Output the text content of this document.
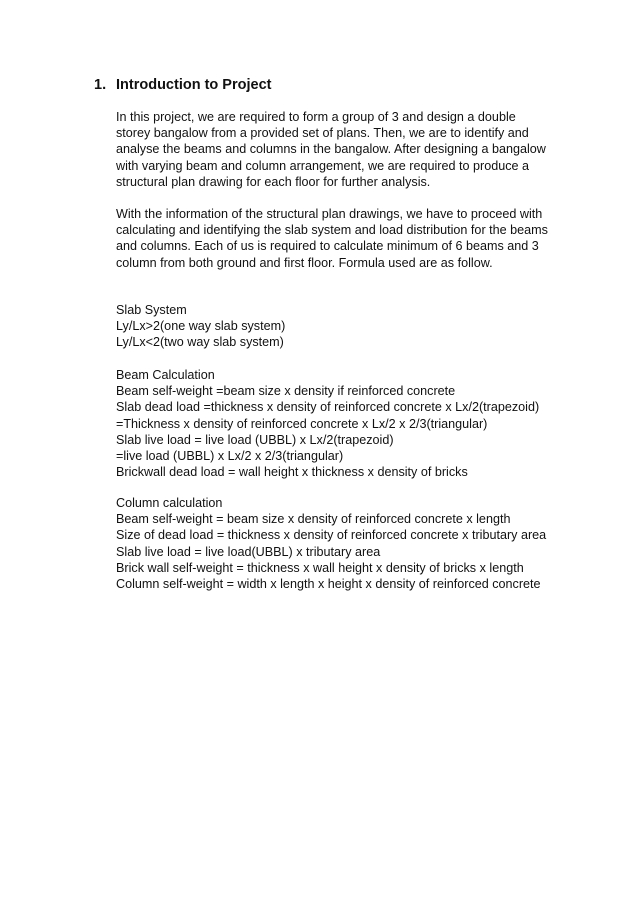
1. Introduction to Project
In this project, we are required to form a group of 3 and design a double
storey bangalow from a provided set of plans. Then, we are to identify and
analyse the beams and columns in the bangalow. After designing a bangalow
with varying beam and column arrangement, we are required to produce a
structural plan drawing for each floor for further analysis.
With the information of the structural plan drawings, we have to proceed with
calculating and identifying the slab system and load distribution for the beams
and columns. Each of us is required to calculate minimum of 6 beams and 3
column from both ground and first floor. Formula used are as follow.
Slab System
Ly/Lx>2(one way slab system)
Ly/Lx<2(two way slab system)
Beam Calculation
Beam self-weight =beam size x density if reinforced concrete
Slab dead load =thickness x density of reinforced concrete x Lx/2(trapezoid)
=Thickness x density of reinforced concrete x Lx/2 x 2/3(triangular)
Slab live load = live load (UBBL) x Lx/2(trapezoid)
=live load (UBBL) x Lx/2 x 2/3(triangular)
Brickwall dead load = wall height x thickness x density of bricks
Column calculation
Beam self-weight = beam size x density of reinforced concrete x length
Size of dead load = thickness x density of reinforced concrete x tributary area
Slab live load = live load(UBBL) x tributary area
Brick wall self-weight = thickness x wall height x density of bricks x length
Column self-weight = width x length x height x density of reinforced concrete
